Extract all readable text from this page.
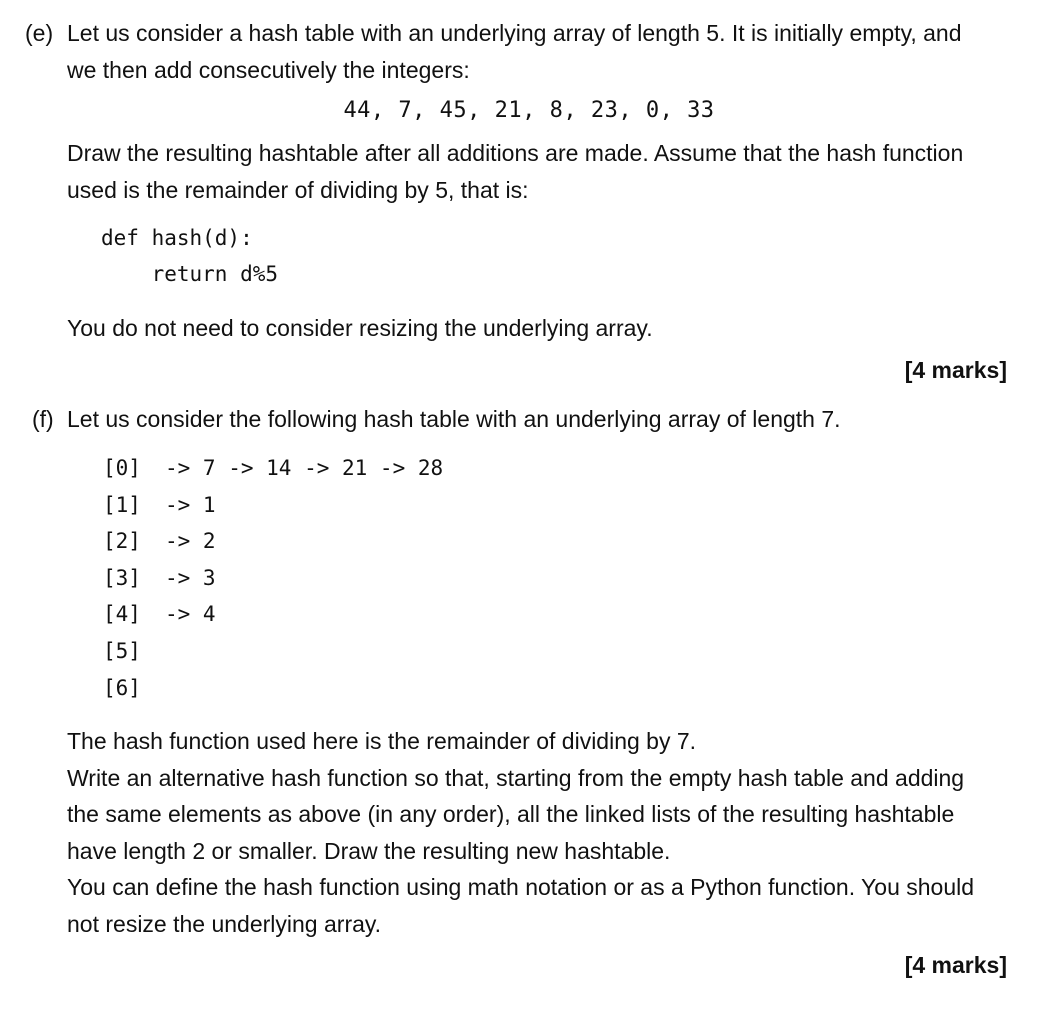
(e) Let us consider a hash table with an underlying array of length 5. It is initially empty, and

we then add consecutively the integers:

44, 7, 45, 21, 8, 23, 0, 33

Draw the resulting hashtable after all additions are made. Assume that the hash function

used is the remainder of dividing by 5, that is:

def hash(d):
return d%5
You do not need to consider resizing the underlying array.
[4 marks]
(f) Let us consider the following hash table with an underlying array of length 7.
[0]	-> 7 -> 14 -> 21 -> 28
[1]	-> 1
[2]	-> 2
[3]	-> 3
[4]	-> 4
[5]
[6]

The hash function used here is the remainder of dividing by 7.

Write an alternative hash function so that, starting from the empty hash table and adding

the same elements as above (in any order), all the linked lists of the resulting hashtable

have length 2 or smaller. Draw the resulting new hashtable.

You can define the hash function using math notation or as a Python function. You should

not resize the underlying array.

[4 marks]
